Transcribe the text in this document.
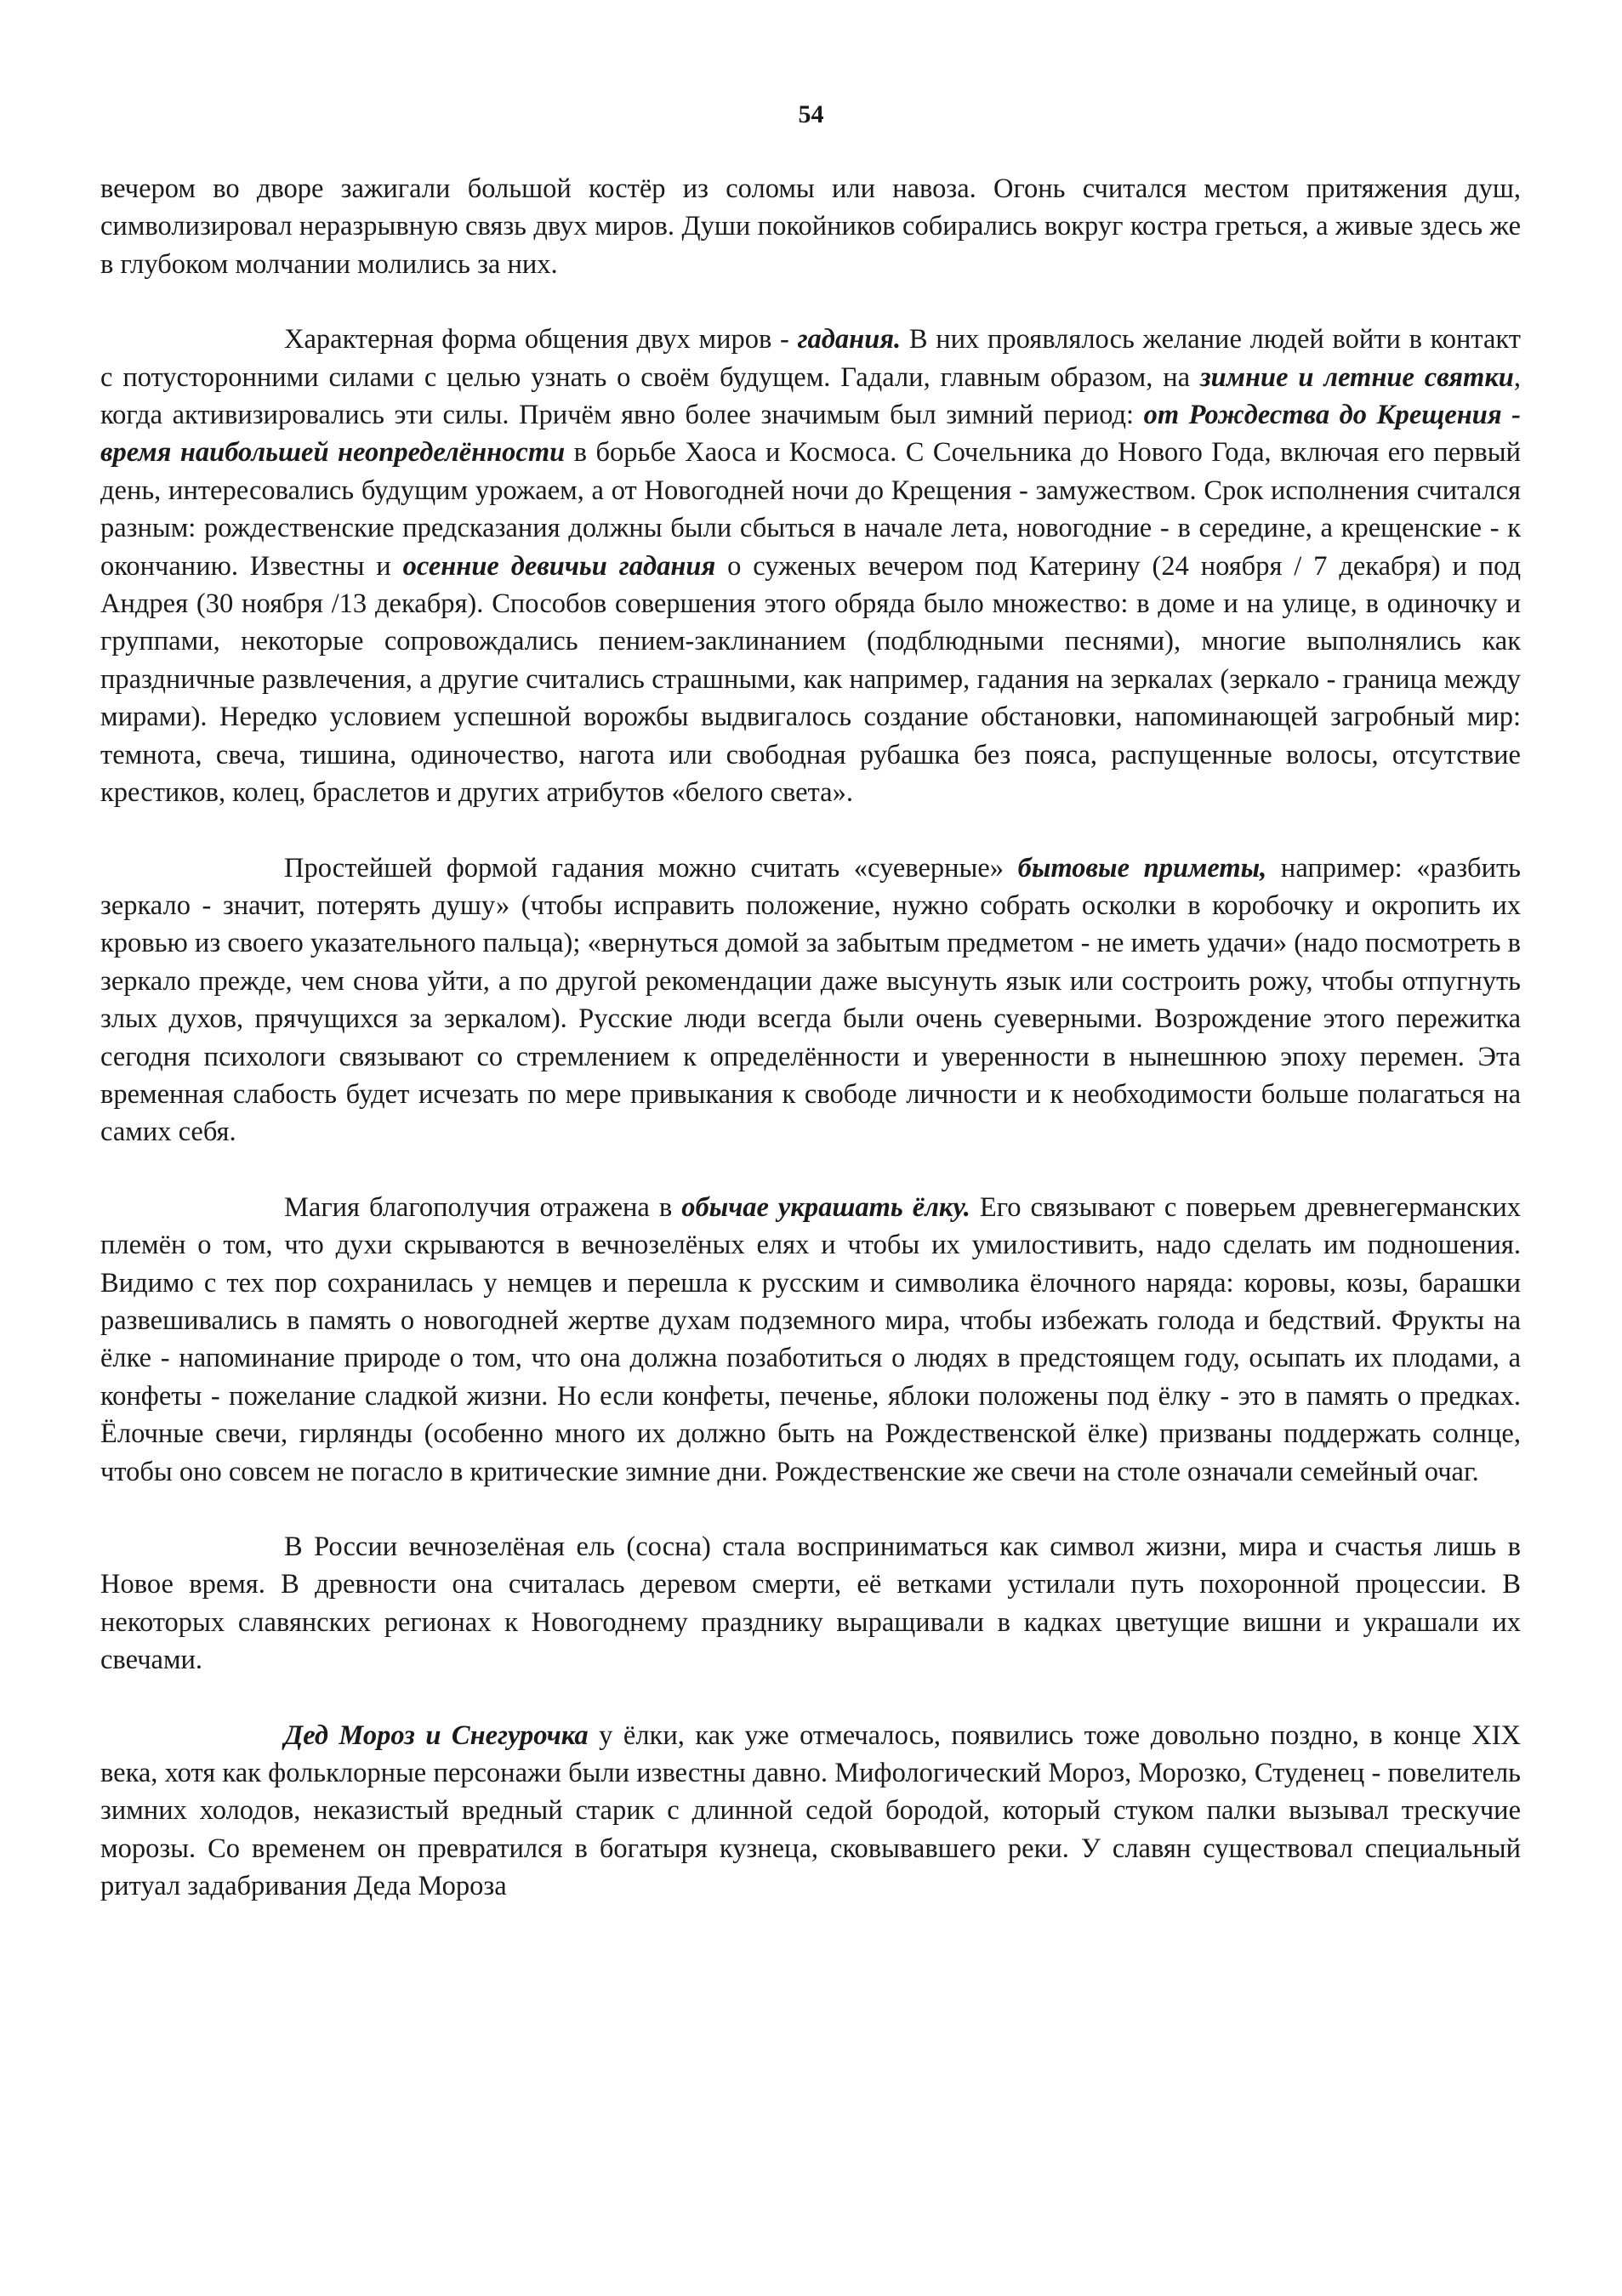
54

вечером во дворе зажигали большой костёр из соломы или навоза. Огонь считался местом притяжения душ, символизировал неразрывную связь двух миров. Души покойников собирались вокруг костра греться, а живые здесь же в глубоком молчании молились за них.

Характерная форма общения двух миров - гадания. В них проявлялось желание людей войти в контакт с потусторонними силами с целью узнать о своём будущем. Гадали, главным образом, на зимние и летние святки, когда активизировались эти силы. Причём явно более значимым был зимний период: от Рождества до Крещения - время наибольшей неопределённости в борьбе Хаоса и Космоса. С Сочельника до Нового Года, включая его первый день, интересовались будущим урожаем, а от Новогодней ночи до Крещения - замужеством. Срок исполнения считался разным: рождественские предсказания должны были сбыться в начале лета, новогодние - в середине, а крещенские - к окончанию. Известны и осенние девичьи гадания о суженых вечером под Катерину (24 ноября / 7 декабря) и под Андрея (30 ноября /13 декабря). Способов совершения этого обряда было множество: в доме и на улице, в одиночку и группами, некоторые сопровождались пением-заклинанием (подблюдными песнями), многие выполнялись как праздничные развлечения, а другие считались страшными, как например, гадания на зеркалах (зеркало - граница между мирами). Нередко условием успешной ворожбы выдвигалось создание обстановки, напоминающей загробный мир: темнота, свеча, тишина, одиночество, нагота или свободная рубашка без пояса, распущенные волосы, отсутствие крестиков, колец, браслетов и других атрибутов «белого света».

Простейшей формой гадания можно считать «суеверные» бытовые приметы, например: «разбить зеркало - значит, потерять душу» (чтобы исправить положение, нужно собрать осколки в коробочку и окропить их кровью из своего указательного пальца); «вернуться домой за забытым предметом - не иметь удачи» (надо посмотреть в зеркало прежде, чем снова уйти, а по другой рекомендации даже высунуть язык или состроить рожу, чтобы отпугнуть злых духов, прячущихся за зеркалом). Русские люди всегда были очень суеверными. Возрождение этого пережитка сегодня психологи связывают со стремлением к определённости и уверенности в нынешнюю эпоху перемен. Эта временная слабость будет исчезать по мере привыкания к свободе личности и к необходимости больше полагаться на самих себя.

Магия благополучия отражена в обычае украшать ёлку. Его связывают с поверьем древнегерманских племён о том, что духи скрываются в вечнозелёных елях и чтобы их умилостивить, надо сделать им подношения. Видимо с тех пор сохранилась у немцев и перешла к русским и символика ёлочного наряда: коровы, козы, барашки развешивались в память о новогодней жертве духам подземного мира, чтобы избежать голода и бедствий. Фрукты на ёлке - напоминание природе о том, что она должна позаботиться о людях в предстоящем году, осыпать их плодами, а конфеты - пожелание сладкой жизни. Но если конфеты, печенье, яблоки положены под ёлку - это в память о предках. Ёлочные свечи, гирлянды (особенно много их должно быть на Рождественской ёлке) призваны поддержать солнце, чтобы оно совсем не погасло в критические зимние дни. Рождественские же свечи на столе означали семейный очаг.

В России вечнозелёная ель (сосна) стала восприниматься как символ жизни, мира и счастья лишь в Новое время. В древности она считалась деревом смерти, её ветками устилали путь похоронной процессии. В некоторых славянских регионах к Новогоднему празднику выращивали в кадках цветущие вишни и украшали их свечами.

Дед Мороз и Снегурочка у ёлки, как уже отмечалось, появились тоже довольно поздно, в конце XIX века, хотя как фольклорные персонажи были известны давно. Мифологический Мороз, Морозко, Студенец - повелитель зимних холодов, неказистый вредный старик с длинной седой бородой, который стуком палки вызывал трескучие морозы. Со временем он превратился в богатыря кузнеца, сковывавшего реки. У славян существовал специальный ритуал задабривания Деда Мороза
